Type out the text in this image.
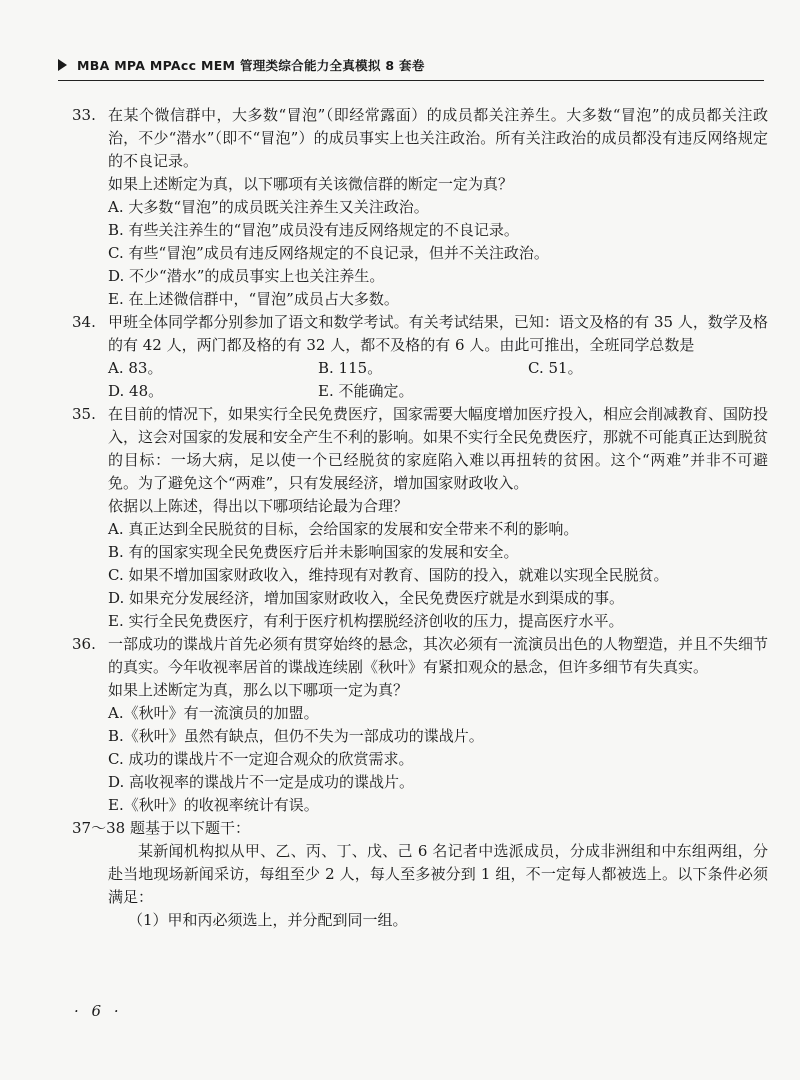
MBA MPA MPAcc MEM 管理类综合能力全真模拟 8 套卷
33. 在某个微信群中，大多数“冒泡”（即经常露面）的成员都关注养生。大多数“冒泡”的成员都关注政治，不少“潜水”（即不“冒泡”）的成员事实上也关注政治。所有关注政治的成员都没有违反网络规定的不良记录。
如果上述断定为真，以下哪项有关该微信群的断定一定为真？
A. 大多数“冒泡”的成员既关注养生又关注政治。
B. 有些关注养生的“冒泡”成员没有违反网络规定的不良记录。
C. 有些“冒泡”成员有违反网络规定的不良记录，但并不关注政治。
D. 不少“潜水”的成员事实上也关注养生。
E. 在上述微信群中，“冒泡”成员占大多数。
34. 甲班全体同学都分别参加了语文和数学考试。有关考试结果，已知：语文及格的有 35 人，数学及格的有 42 人，两门都及格的有 32 人，都不及格的有 6 人。由此可推出，全班同学总数是
A. 83。	B. 115。	C. 51。
D. 48。	E. 不能确定。
35. 在目前的情况下，如果实行全民免费医疗，国家需要大幅度增加医疗投入，相应会削减教育、国防投入，这会对国家的发展和安全产生不利的影响。如果不实行全民免费医疗，那就不可能真正达到脱贫的目标：一场大病，足以使一个已经脱贫的家庭陷入难以再扭转的贫困。这个“两难”并非不可避免。为了避免这个“两难”，只有发展经济，增加国家财政收入。
依据以上陈述，得出以下哪项结论最为合理？
A. 真正达到全民脱贫的目标，会给国家的发展和安全带来不利的影响。
B. 有的国家实现全民免费医疗后并未影响国家的发展和安全。
C. 如果不增加国家财政收入，维持现有对教育、国防的投入，就难以实现全民脱贫。
D. 如果充分发展经济，增加国家财政收入，全民免费医疗就是水到渠成的事。
E. 实行全民免费医疗，有利于医疗机构摆脱经济创收的压力，提高医疗水平。
36. 一部成功的谍战片首先必须有贯穿始终的悬念，其次必须有一流演员出色的人物塑造，并且不失细节的真实。今年收视率居首的谍战连续剧《秋叶》有紧扣观众的悬念，但许多细节有失真实。
如果上述断定为真，那么以下哪项一定为真？
A.《秋叶》有一流演员的加盟。
B.《秋叶》虽然有缺点，但仍不失为一部成功的谍战片。
C. 成功的谍战片不一定迎合观众的欣赏需求。
D. 高收视率的谍战片不一定是成功的谍战片。
E.《秋叶》的收视率统计有误。
37～38 题基于以下题干：
某新闻机构拟从甲、乙、丙、丁、戊、己 6 名记者中选派成员，分成非洲组和中东组两组，分赴当地现场新闻采访，每组至少 2 人，每人至多被分到 1 组，不一定每人都被选上。以下条件必须满足：
（1）甲和丙必须选上，并分配到同一组。
· 6 ·
